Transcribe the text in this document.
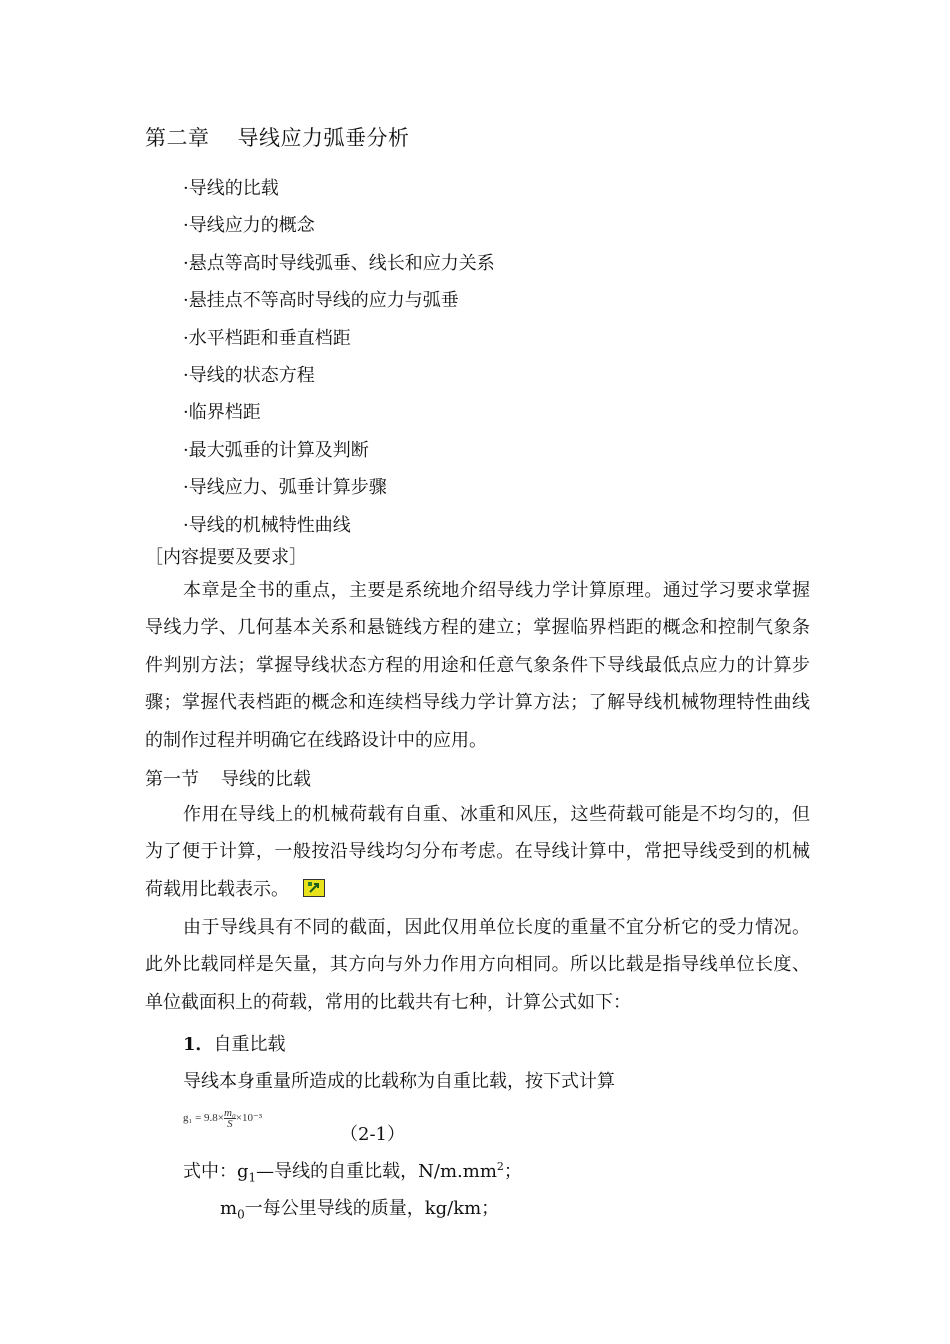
第二章 导线应力弧垂分析
·导线的比载
·导线应力的概念
·悬点等高时导线弧垂、线长和应力关系
·悬挂点不等高时导线的应力与弧垂
·水平档距和垂直档距
·导线的状态方程
·临界档距
·最大弧垂的计算及判断
·导线应力、弧垂计算步骤
·导线的机械特性曲线
［内容提要及要求］

本章是全书的重点，主要是系统地介绍导线力学计算原理。通过学习要求掌握导线力学、几何基本关系和悬链线方程的建立；掌握临界档距的概念和控制气象条件判别方法；掌握导线状态方程的用途和任意气象条件下导线最低点应力的计算步骤；掌握代表档距的概念和连续档导线力学计算方法；了解导线机械物理特性曲线的制作过程并明确它在线路设计中的应用。

第一节 导线的比载

作用在导线上的机械荷载有自重、冰重和风压，这些荷载可能是不均匀的，但为了便于计算，一般按沿导线均匀分布考虑。在导线计算中，常把导线受到的机械荷载用比载表示。

由于导线具有不同的截面，因此仅用单位长度的重量不宜分析它的受力情况。此外比载同样是矢量，其方向与外力作用方向相同。所以比载是指导线单位长度、单位截面积上的荷载，常用的比载共有七种，计算公式如下：

1．自重比载
导线本身重量所造成的比载称为自重比载，按下式计算
$g_1 = 9.8\times \frac{\text{m₀}}{S} \times 10^{-3}$
（2-1）
式中：$g_1—$导线的自重比载，$N/m.mm^2$；
$m_0$一每公里导线的质量，kg/km；
